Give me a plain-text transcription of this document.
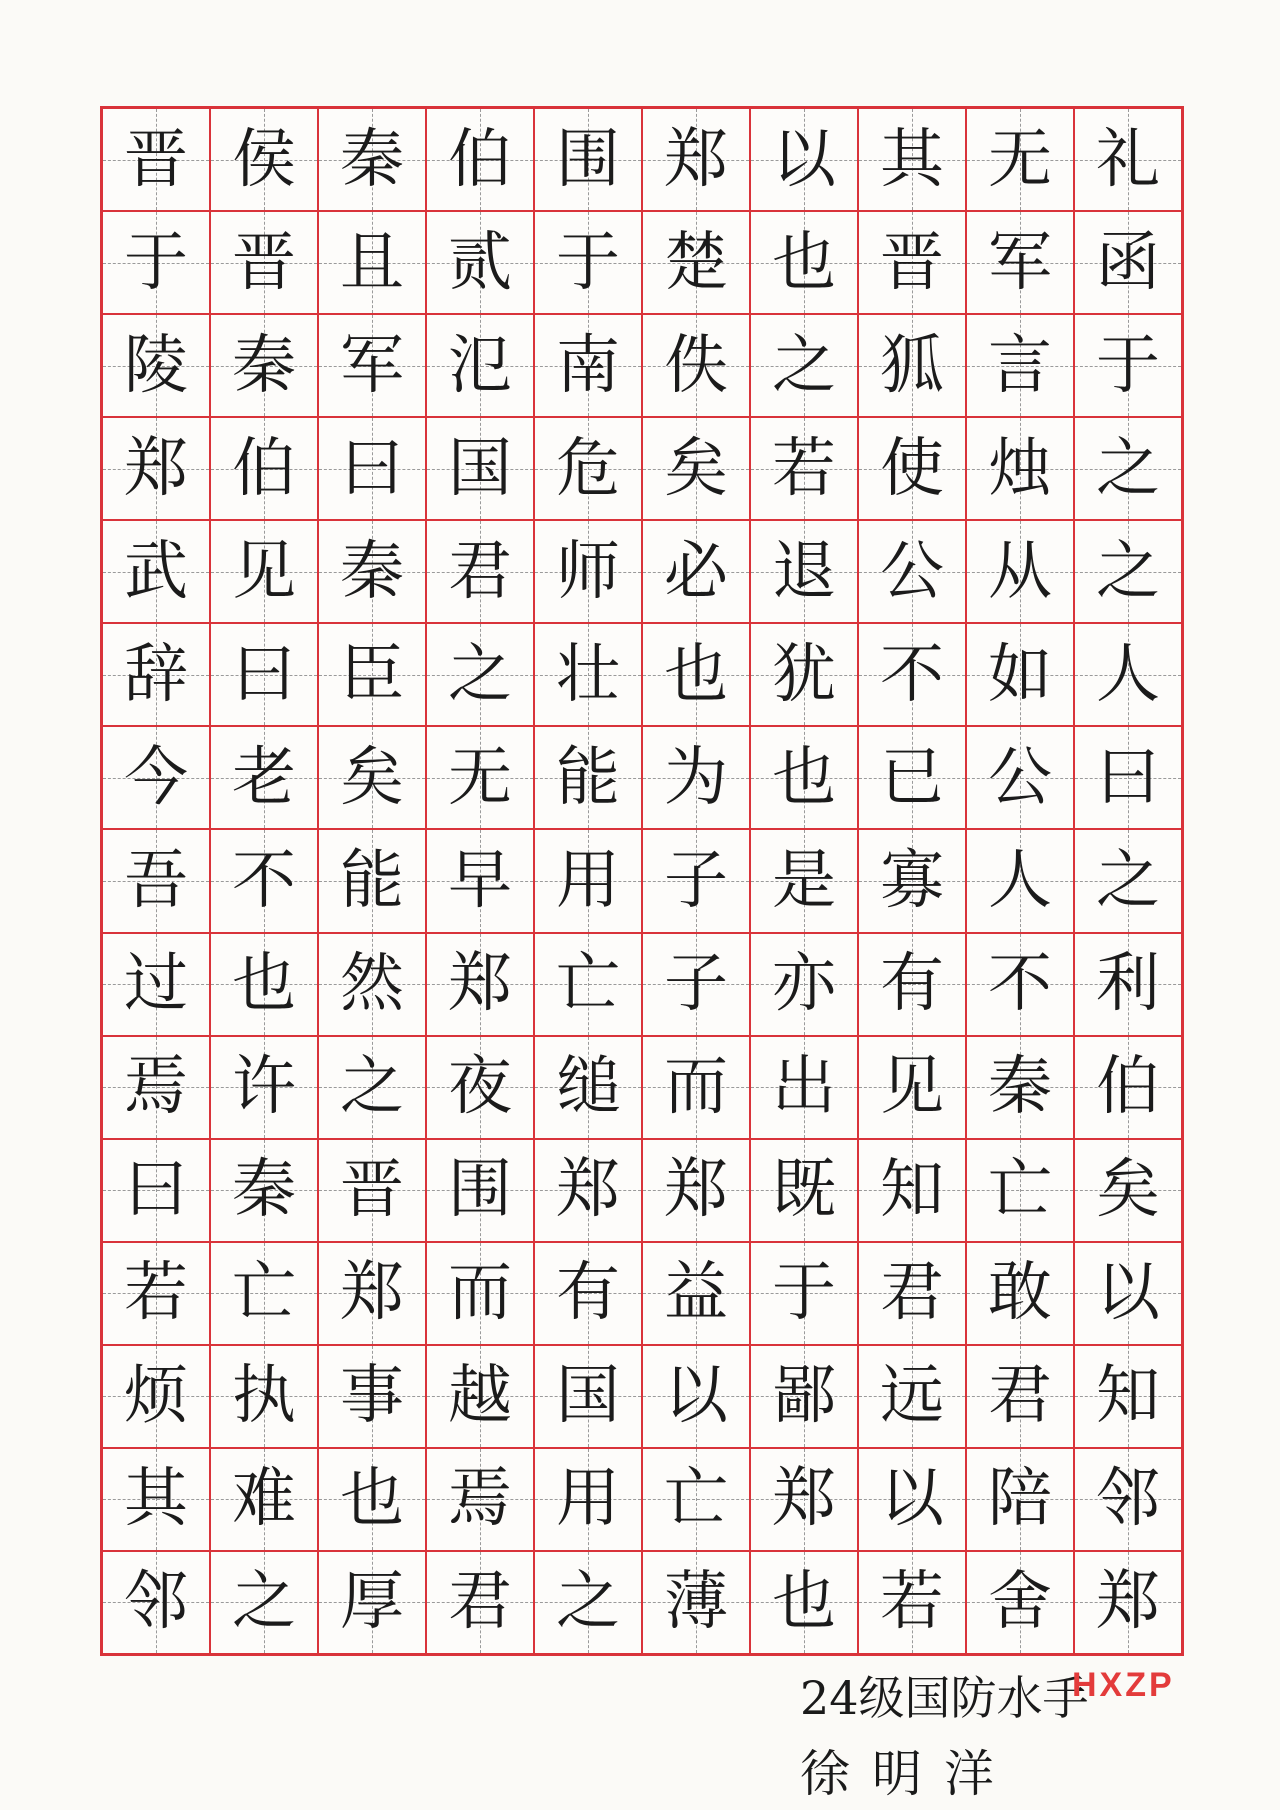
礼
函
于
之
之
人
曰
之
利
伯
矣
以
知
邻
郑
无
军
言
烛
从
如
公
人
不
秦
亡
敢
君
陪
舍
其
晋
狐
使
公
不
已
寡
有
见
知
君
远
以
若
以
也
之
若
退
犹
也
是
亦
出
既
于
鄙
郑
也
郑
楚
佚
矣
必
也
为
子
子
而
郑
益
以
亡
薄
围
于
南
危
师
壮
能
用
亡
缒
郑
有
国
用
之
伯
贰
氾
国
君
之
无
早
郑
夜
围
而
越
焉
君
秦
且
军
曰
秦
臣
矣
能
然
之
晋
郑
事
也
厚
侯
晋
秦
伯
见
曰
老
不
也
许
秦
亡
执
难
之
晋
于
陵
郑
武
辞
今
吾
过
焉
曰
若
烦
其
邻
24级国防水手
HXZP
徐明洋
